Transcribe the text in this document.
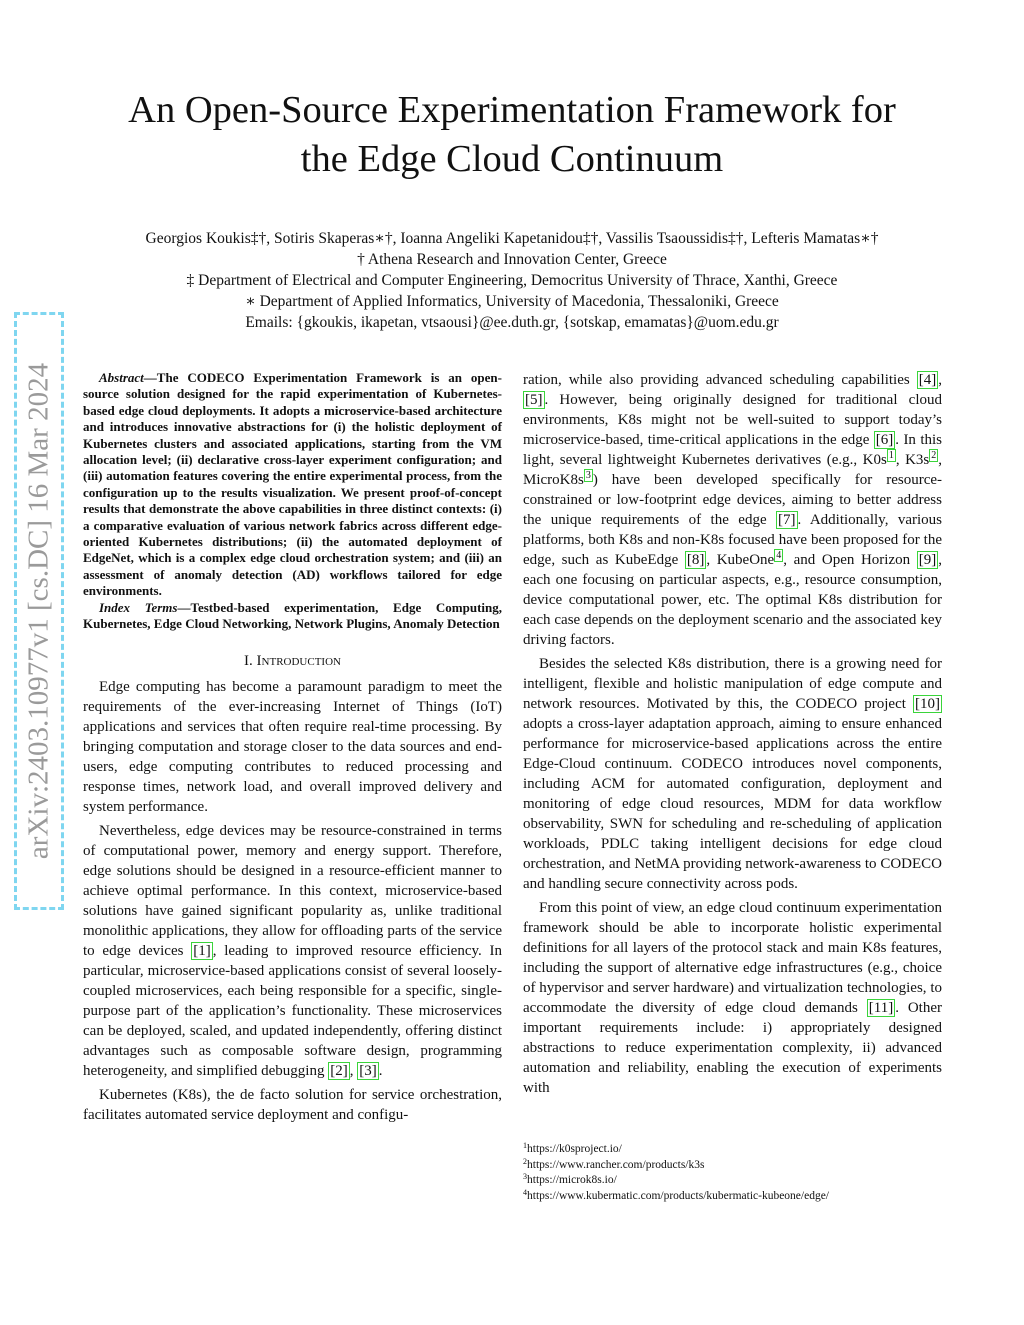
arXiv:2403.10977v1 [cs.DC] 16 Mar 2024
An Open-Source Experimentation Framework for
the Edge Cloud Continuum
Georgios Koukis‡†, Sotiris Skaperas∗†, Ioanna Angeliki Kapetanidou‡†, Vassilis Tsaoussidis‡†, Lefteris Mamatas∗†
† Athena Research and Innovation Center, Greece
‡ Department of Electrical and Computer Engineering, Democritus University of Thrace, Xanthi, Greece
∗ Department of Applied Informatics, University of Macedonia, Thessaloniki, Greece
Emails: {gkoukis, ikapetan, vtsaousi}@ee.duth.gr, {sotskap, emamatas}@uom.edu.gr

Abstract—The CODECO Experimentation Framework is an open-source solution designed for the rapid experimentation of Kubernetes-based edge cloud deployments. It adopts a microservice-based architecture and introduces innovative abstractions for (i) the holistic deployment of Kubernetes clusters and associated applications, starting from the VM allocation level; (ii) declarative cross-layer experiment configuration; and (iii) automation features covering the entire experimental process, from the configuration up to the results visualization. We present proof-of-concept results that demonstrate the above capabilities in three distinct contexts: (i) a comparative evaluation of various network fabrics across different edge-oriented Kubernetes distributions; (ii) the automated deployment of EdgeNet, which is a complex edge cloud orchestration system; and (iii) an assessment of anomaly detection (AD) workflows tailored for edge environments.

Index Terms—Testbed-based experimentation, Edge Computing, Kubernetes, Edge Cloud Networking, Network Plugins, Anomaly Detection

I. Introduction

Edge computing has become a paramount paradigm to meet the requirements of the ever-increasing Internet of Things (IoT) applications and services that often require real-time processing. By bringing computation and storage closer to the data sources and end-users, edge computing contributes to reduced processing and response times, network load, and overall improved delivery and system performance.

Nevertheless, edge devices may be resource-constrained in terms of computational power, memory and energy support. Therefore, edge solutions should be designed in a resource-efficient manner to achieve optimal performance. In this context, microservice-based solutions have gained significant popularity as, unlike traditional monolithic applications, they allow for offloading parts of the service to edge devices [1] , leading to improved resource efficiency. In particular, microservice-based applications consist of several loosely-coupled microservices, each being responsible for a specific, single-purpose part of the application’s functionality. These microservices can be deployed, scaled, and updated independently, offering distinct advantages such as composable software design, programming heterogeneity, and simplified debugging [2] , [3] .

Kubernetes (K8s), the de facto solution for service orchestration, facilitates automated service deployment and configu-

ration, while also providing advanced scheduling capabilities [4] , [5] . However, being originally designed for traditional cloud environments, K8s might not be well-suited to support today’s microservice-based, time-critical applications in the edge [6] . In this light, several lightweight Kubernetes derivatives (e.g., K0s $^1$ , K3s $^2$ , MicroK8s $^3$ ) have been developed specifically for resource-constrained or low-footprint edge devices, aiming to better address the unique requirements of the edge [7] . Additionally, various platforms, both K8s and non-K8s focused have been proposed for the edge, such as KubeEdge [8] , KubeOne $^4$ , and Open Horizon [9] , each one focusing on particular aspects, e.g., resource consumption, device computational power, etc. The optimal K8s distribution for each case depends on the deployment scenario and the associated key driving factors.

Besides the selected K8s distribution, there is a growing need for intelligent, flexible and holistic manipulation of edge compute and network resources. Motivated by this, the CODECO project [10] adopts a cross-layer adaptation approach, aiming to ensure enhanced performance for microservice-based applications across the entire Edge-Cloud continuum. CODECO introduces novel components, including ACM for automated configuration, deployment and monitoring of edge cloud resources, MDM for data workflow observability, SWN for scheduling and re-scheduling of application workloads, PDLC taking intelligent decisions for edge cloud orchestration, and NetMA providing network-awareness to CODECO and handling secure connectivity across pods.

From this point of view, an edge cloud continuum experimentation framework should be able to incorporate holistic experimental definitions for all layers of the protocol stack and main K8s features, including the support of alternative edge infrastructures (e.g., choice of hypervisor and server hardware) and virtualization technologies, to accommodate the diversity of edge cloud demands [11] . Other important requirements include: i) appropriately designed abstractions to reduce experimentation complexity, ii) advanced automation and reliability, enabling the execution of experiments with

$^1$https://k0sproject.io/
$^2$https://www.rancher.com/products/k3s
$^3$https://microk8s.io/
$^4$https://www.kubermatic.com/products/kubermatic-kubeone/edge/
